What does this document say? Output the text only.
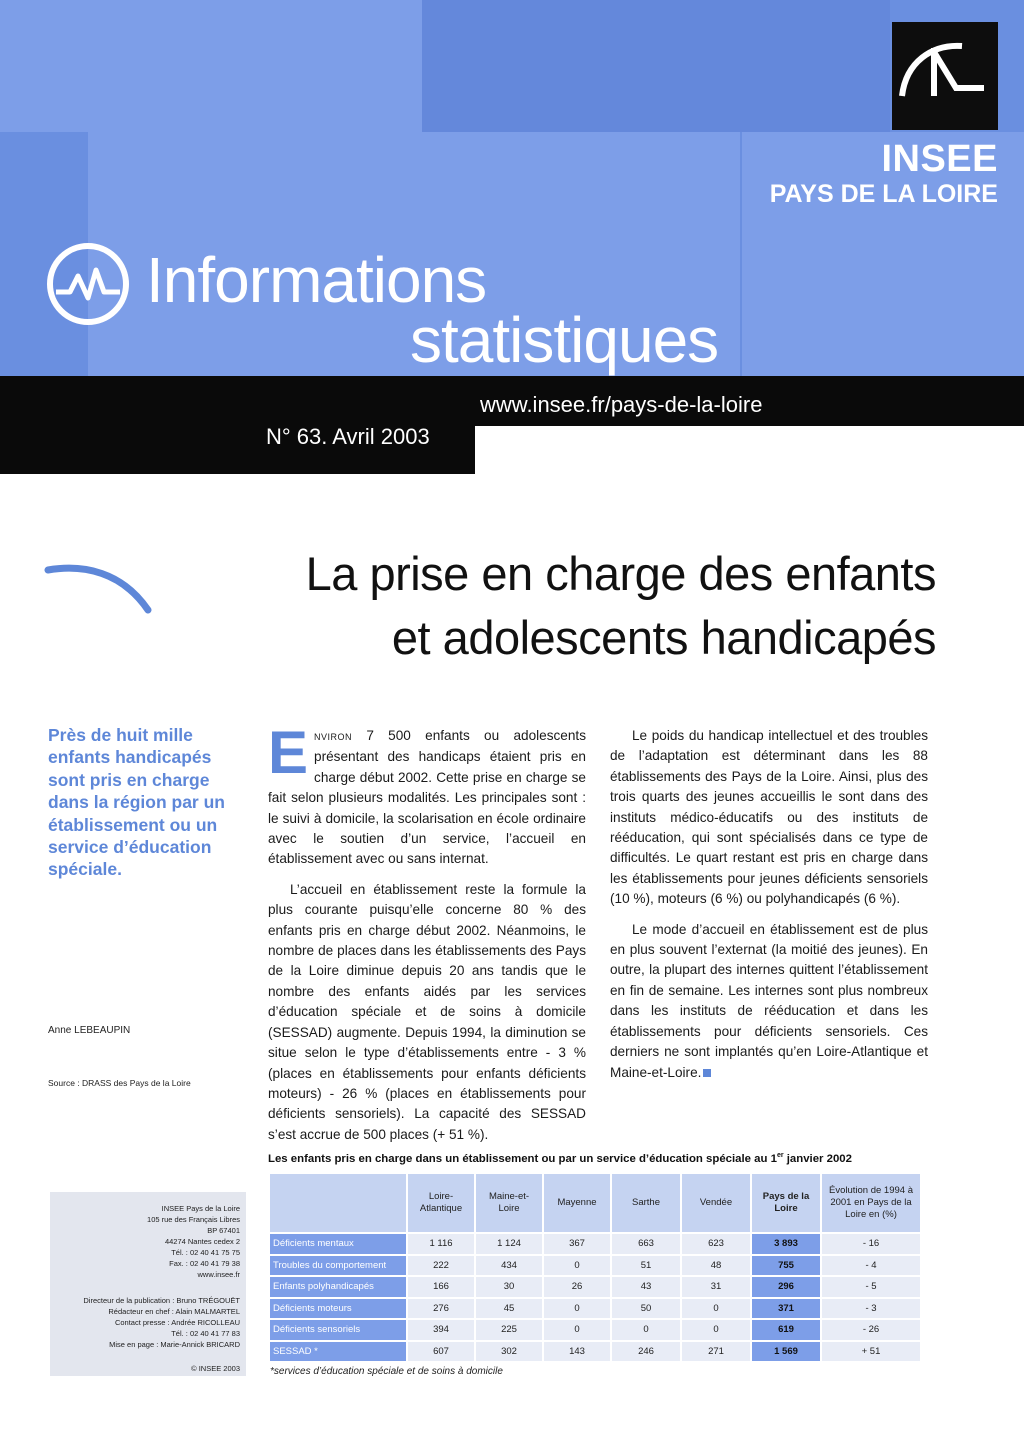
INSEE
PAYS DE LA LOIRE
Informations
statistiques
www.insee.fr/pays-de-la-loire
N° 63. Avril 2003
La prise en charge des enfants
et adolescents handicapés
Près de huit mille enfants handicapés sont pris en charge dans la région par un établissement ou un service d’éducation spéciale.
Anne LEBEAUPIN
Source : DRASS des Pays de la Loire
INSEE Pays de la Loire
105 rue des Français Libres
BP 67401
44274 Nantes cedex 2
Tél. : 02 40 41 75 75
Fax. : 02 40 41 79 38
www.insee.fr
Directeur de la publication : Bruno TRÉGOUËT
Rédacteur en chef : Alain MALMARTEL
Contact presse : Andrée RICOLLEAU
Tél. : 02 40 41 77 83
Mise en page : Marie-Annick BRICARD
© INSEE 2003

ENVIRON 7 500 enfants ou adolescents présentant des handicaps étaient pris en charge début 2002. Cette prise en charge se fait selon plusieurs modalités. Les principales sont : le suivi à domicile, la scolarisation en école ordinaire avec le soutien d’un service, l’accueil en établissement avec ou sans internat.

L’accueil en établissement reste la formule la plus courante puisqu’elle concerne 80 % des enfants pris en charge début 2002. Néanmoins, le nombre de places dans les établissements des Pays de la Loire diminue depuis 20 ans tandis que le nombre des enfants aidés par les services d’éducation spéciale et de soins à domicile (SESSAD) augmente. Depuis 1994, la diminution se situe selon le type d’établissements entre - 3 % (places en établissements pour enfants déficients moteurs) - 26 % (places en établissements pour déficients sensoriels). La capacité des SESSAD s’est accrue de 500 places (+ 51 %).

Le poids du handicap intellectuel et des troubles de l’adaptation est déterminant dans les 88 établissements des Pays de la Loire. Ainsi, plus des trois quarts des jeunes accueillis le sont dans des instituts médico-éducatifs ou des instituts de rééducation, qui sont spécialisés dans ce type de difficultés. Le quart restant est pris en charge dans les établissements pour jeunes déficients sensoriels (10 %), moteurs (6 %) ou polyhandicapés (6 %).

Le mode d’accueil en établissement est de plus en plus souvent l’externat (la moitié des jeunes). En outre, la plupart des internes quittent l’établissement en fin de semaine. Les internes sont plus nombreux dans les instituts de rééducation et dans les établissements pour déficients sensoriels. Ces derniers ne sont implantés qu’en Loire-Atlantique et Maine-et-Loire.

Les enfants pris en charge dans un établissement ou par un service d’éducation spéciale au 1er janvier 2002
	Loire-Atlantique	Maine-et-Loire	Mayenne	Sarthe	Vendée	Pays de la Loire	Évolution de 1994 à 2001 en Pays de la Loire en (%)
Déficients mentaux	1 116	1 124	367	663	623	3 893	- 16
Troubles du comportement	222	434	0	51	48	755	- 4
Enfants polyhandicapés	166	30	26	43	31	296	- 5
Déficients moteurs	276	45	0	50	0	371	- 3
Déficients sensoriels	394	225	0	0	0	619	- 26
SESSAD *	607	302	143	246	271	1 569	+ 51
*services d’éducation spéciale et de soins à domicile
